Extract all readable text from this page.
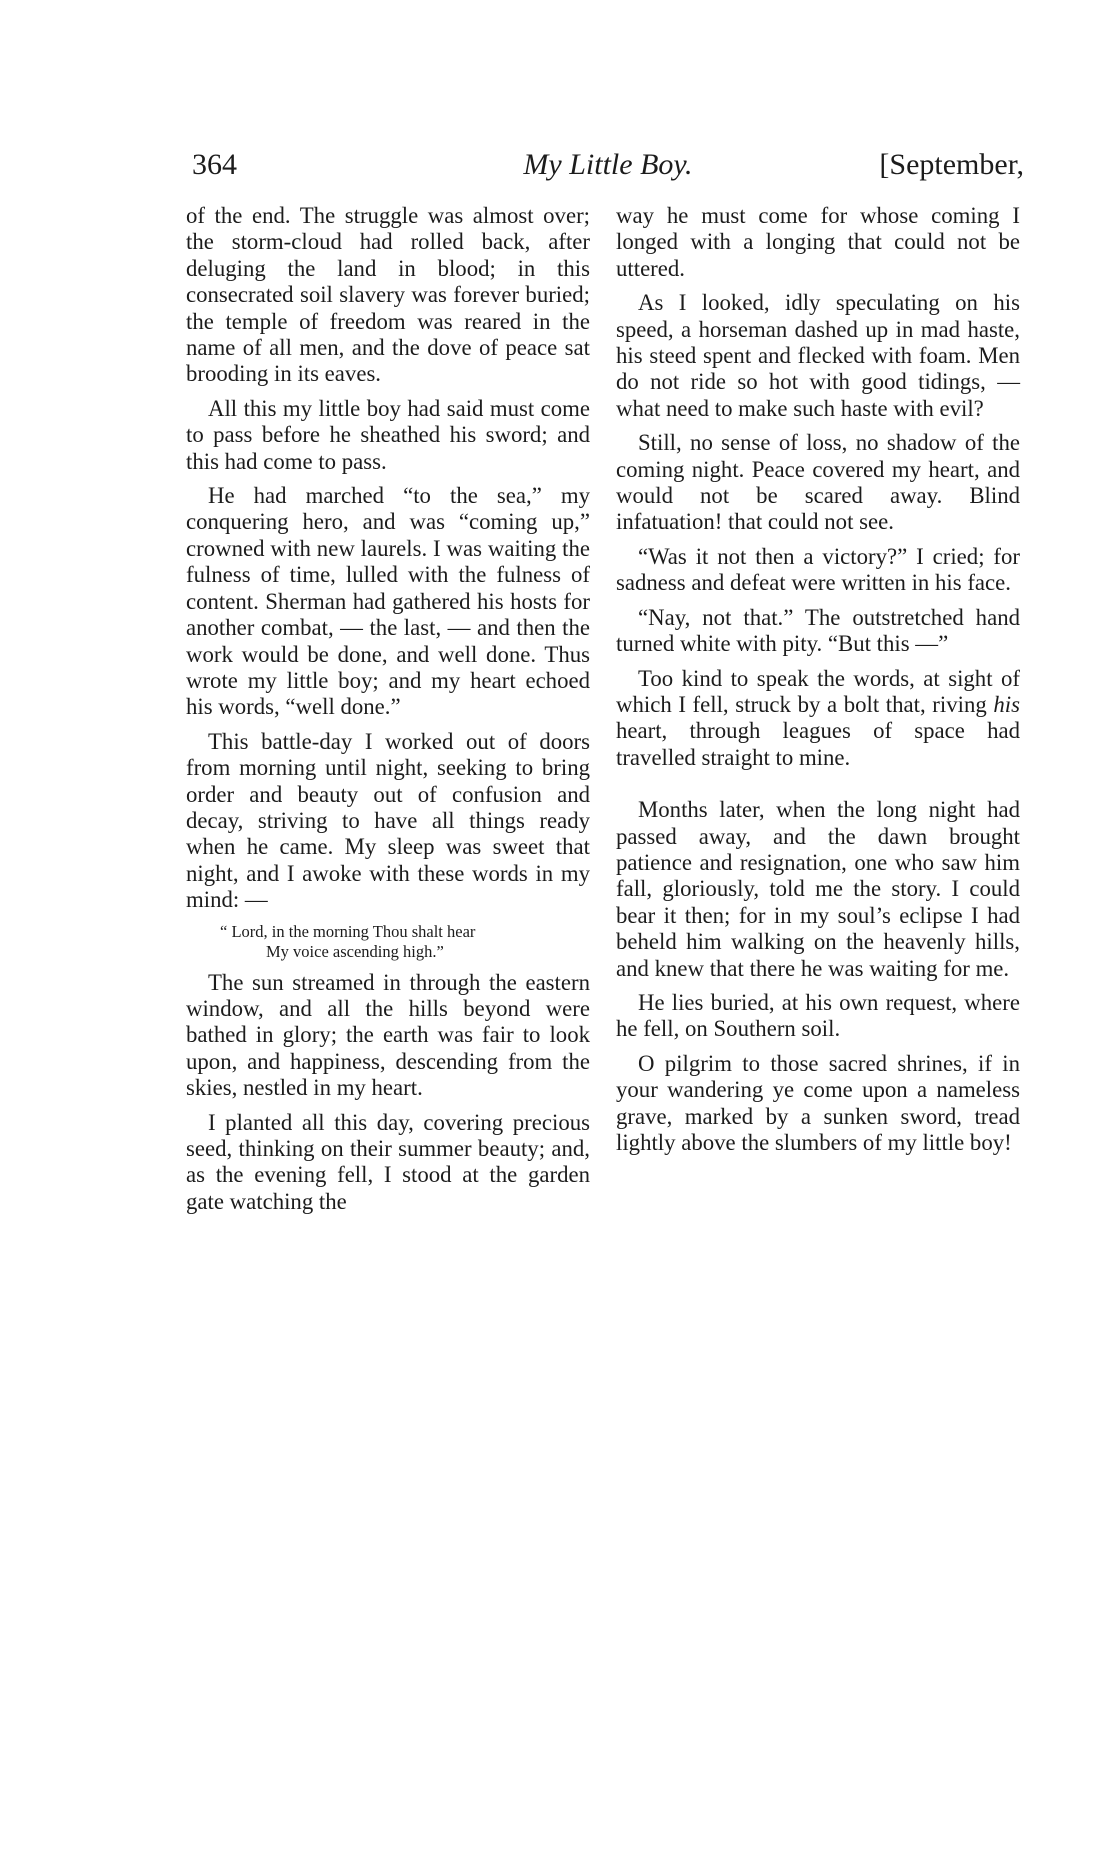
364	My Little Boy.	[September,

of the end. The struggle was almost over; the storm-cloud had rolled back, after deluging the land in blood; in this consecrated soil slavery was forever buried; the temple of freedom was reared in the name of all men, and the dove of peace sat brooding in its eaves.

All this my little boy had said must come to pass before he sheathed his sword; and this had come to pass.

He had marched “to the sea,” my conquering hero, and was “coming up,” crowned with new laurels. I was waiting the fulness of time, lulled with the fulness of content. Sherman had gathered his hosts for another combat, — the last, — and then the work would be done, and well done. Thus wrote my little boy; and my heart echoed his words, “well done.”

This battle-day I worked out of doors from morning until night, seeking to bring order and beauty out of confusion and decay, striving to have all things ready when he came. My sleep was sweet that night, and I awoke with these words in my mind: —

“ Lord, in the morning Thou shalt hear
My voice ascending high.”

The sun streamed in through the eastern window, and all the hills beyond were bathed in glory; the earth was fair to look upon, and happiness, descending from the skies, nestled in my heart.

I planted all this day, covering precious seed, thinking on their summer beauty; and, as the evening fell, I stood at the garden gate watching the

way he must come for whose coming I longed with a longing that could not be uttered.

As I looked, idly speculating on his speed, a horseman dashed up in mad haste, his steed spent and flecked with foam. Men do not ride so hot with good tidings, — what need to make such haste with evil?

Still, no sense of loss, no shadow of the coming night. Peace covered my heart, and would not be scared away. Blind infatuation! that could not see.

“Was it not then a victory?” I cried; for sadness and defeat were written in his face.

“Nay, not that.” The outstretched hand turned white with pity. “But this —”

Too kind to speak the words, at sight of which I fell, struck by a bolt that, riving his heart, through leagues of space had travelled straight to mine.

Months later, when the long night had passed away, and the dawn brought patience and resignation, one who saw him fall, gloriously, told me the story. I could bear it then; for in my soul’s eclipse I had beheld him walking on the heavenly hills, and knew that there he was waiting for me.

He lies buried, at his own request, where he fell, on Southern soil.

O pilgrim to those sacred shrines, if in your wandering ye come upon a nameless grave, marked by a sunken sword, tread lightly above the slumbers of my little boy!
